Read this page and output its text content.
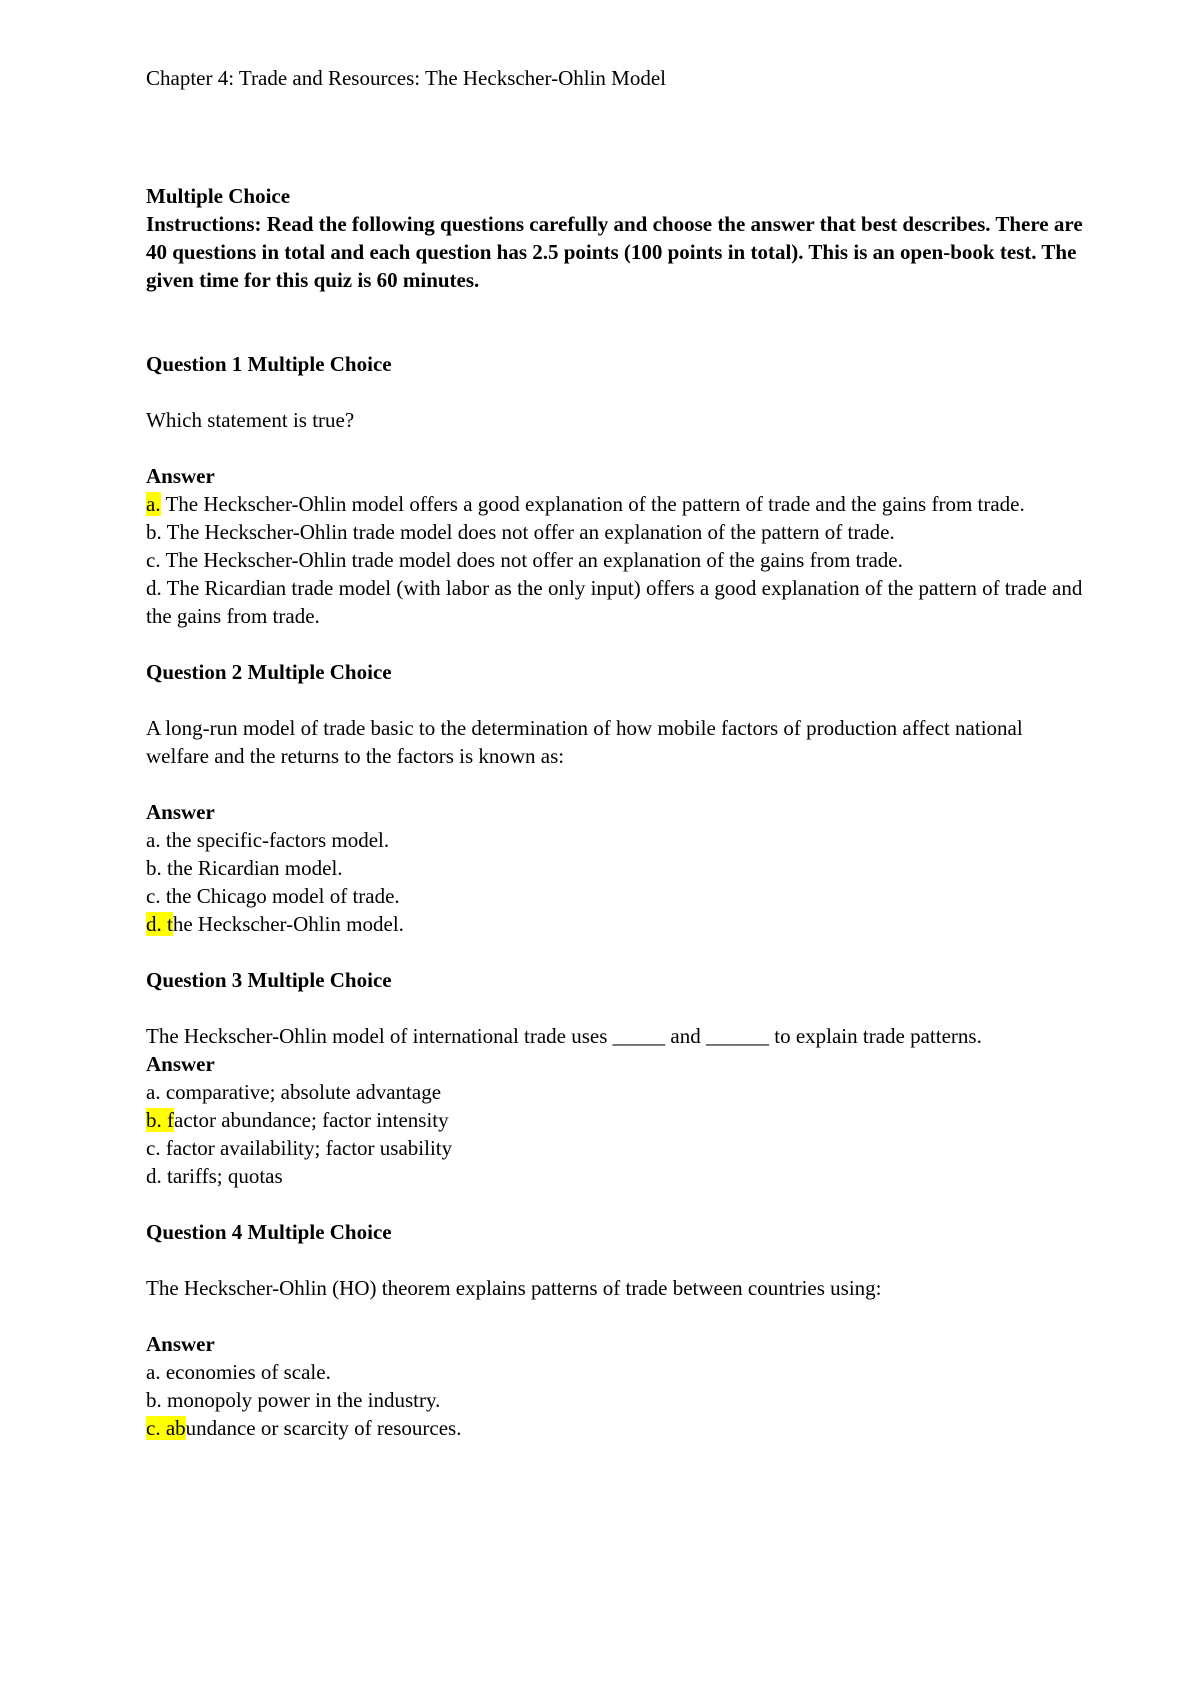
Chapter 4: Trade and Resources: The Heckscher-Ohlin Model
Multiple Choice
Instructions: Read the following questions carefully and choose the answer that best describes. There are 40 questions in total and each question has 2.5 points (100 points in total). This is an open-book test. The given time for this quiz is 60 minutes.
Question 1 Multiple Choice
Which statement is true?
Answer
a. The Heckscher-Ohlin model offers a good explanation of the pattern of trade and the gains from trade.
b. The Heckscher-Ohlin trade model does not offer an explanation of the pattern of trade.
c. The Heckscher-Ohlin trade model does not offer an explanation of the gains from trade.
d. The Ricardian trade model (with labor as the only input) offers a good explanation of the pattern of trade and the gains from trade.
Question 2 Multiple Choice
A long-run model of trade basic to the determination of how mobile factors of production affect national welfare and the returns to the factors is known as:
Answer
a. the specific-factors model.
b. the Ricardian model.
c. the Chicago model of trade.
d. the Heckscher-Ohlin model.
Question 3 Multiple Choice
The Heckscher-Ohlin model of international trade uses _____ and ______ to explain trade patterns.
Answer
a. comparative; absolute advantage
b. factor abundance; factor intensity
c. factor availability; factor usability
d. tariffs; quotas
Question 4 Multiple Choice
The Heckscher-Ohlin (HO) theorem explains patterns of trade between countries using:
Answer
a. economies of scale.
b. monopoly power in the industry.
c. abundance or scarcity of resources.
